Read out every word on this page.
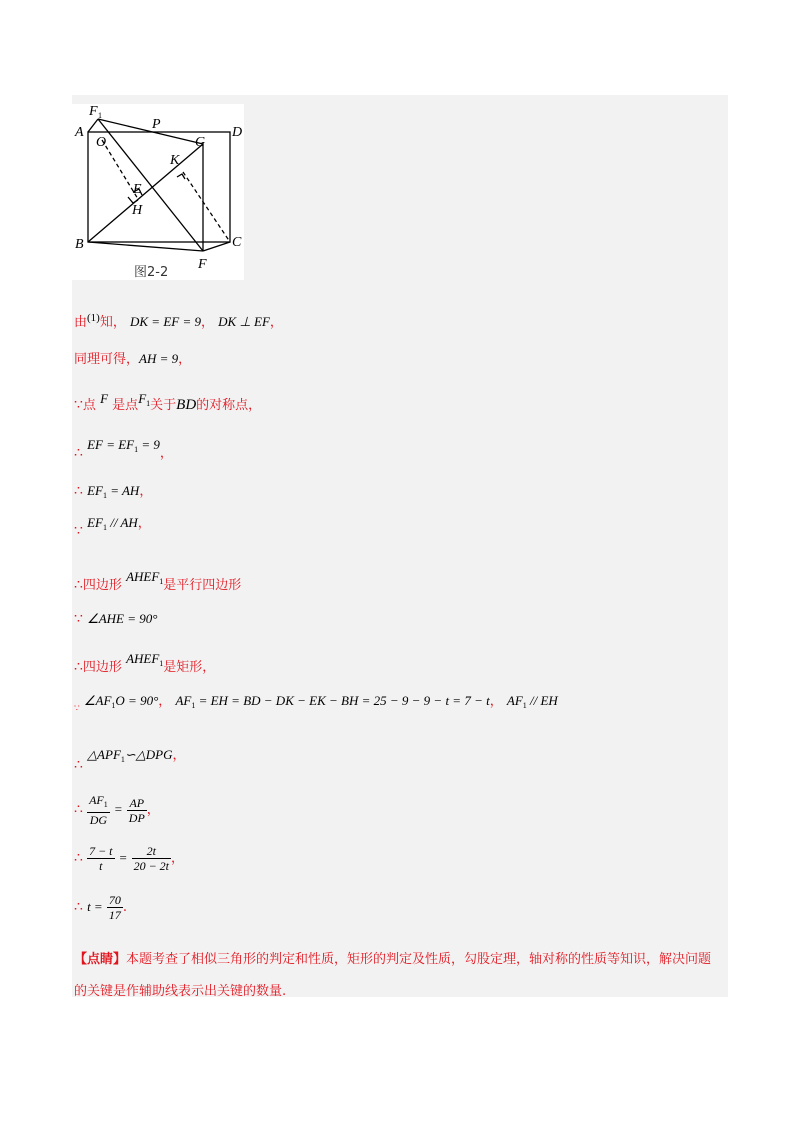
F 1
P
A	D
O	G
K
E
H
B	C
F
图2-2
由$^{(1)}$知， DK = EF = 9， DK ⊥ EF，
同理可得，AH = 9，
∵点 F 是点$F_1$关于BD的对称点，
∴ EF = $EF_1 = 9$，
∴ $EF_1$ = AH，
∵ $EF_1$ // AH，
∴四边形 $AHEF_1$是平行四边形
∵ ∠AHE = 90°
∴四边形 $AHEF_1$是矩形，
$_\because$ $\angle AF_1O = 90^\circ$， $AF_1$ = EH = BD − DK − EK − BH = 25 − 9 − 9 − t = 7 − t， $AF_1$ // EH
∴ $\triangle APF_1∽\triangle DPG$，
∴ $\frac{AF_1}{DG} = \frac{AP}{DP}$ ，
∴ $\frac{7 - t}{t} = \frac{2t}{20 - 2t}$ ，
∴ $t = \frac{70}{17}$ .
【点睛】本题考查了相似三角形的判定和性质，矩形的判定及性质，勾股定理，轴对称的性质等知识，解决问题的关键是作辅助线表示出关键的数量.
